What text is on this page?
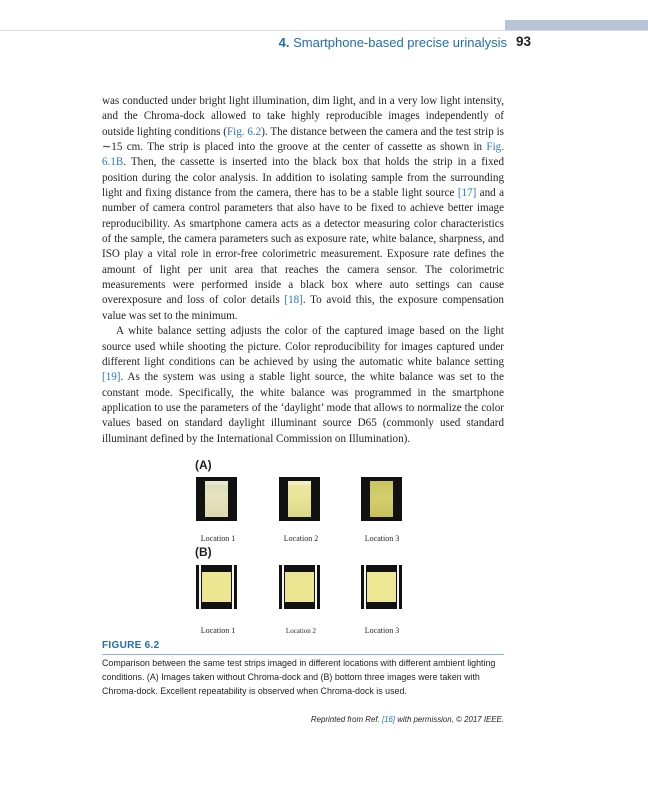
4. Smartphone-based precise urinalysis 93

was conducted under bright light illumination, dim light, and in a very low light intensity, and the Chroma-dock allowed to take highly reproducible images independently of outside lighting conditions (Fig. 6.2). The distance between the camera and the test strip is ∼15 cm. The strip is placed into the groove at the center of cassette as shown in Fig. 6.1B. Then, the cassette is inserted into the black box that holds the strip in a fixed position during the color analysis. In addition to isolating sample from the surrounding light and fixing distance from the camera, there has to be a stable light source [17] and a number of camera control parameters that also have to be fixed to achieve better image reproducibility. As smartphone camera acts as a detector measuring color characteristics of the sample, the camera parameters such as exposure rate, white balance, sharpness, and ISO play a vital role in error-free colorimetric measurement. Exposure rate defines the amount of light per unit area that reaches the camera sensor. The colorimetric measurements were performed inside a black box where auto settings can cause overexposure and loss of color details [18]. To avoid this, the exposure compensation value was set to the minimum.

A white balance setting adjusts the color of the captured image based on the light source used while shooting the picture. Color reproducibility for images captured under different light conditions can be achieved by using the automatic white balance setting [19]. As the system was using a stable light source, the white balance was set to the constant mode. Specifically, the white balance was programmed in the smartphone application to use the parameters of the ‘daylight’ mode that allows to normalize the color values based on standard daylight illuminant source D65 (commonly used standard illuminant defined by the International Commission on Illumination).

(A)
Location 1	Location 2	Location 3
(B)
Location 1	Location 2	Location 3
FIGURE 6.2
Comparison between the same test strips imaged in different locations with different ambient lighting conditions. (A) Images taken without Chroma-dock and (B) bottom three images were taken with Chroma-dock. Excellent repeatability is observed when Chroma-dock is used.
Reprinted from Ref. [16] with permission, © 2017 IEEE.
